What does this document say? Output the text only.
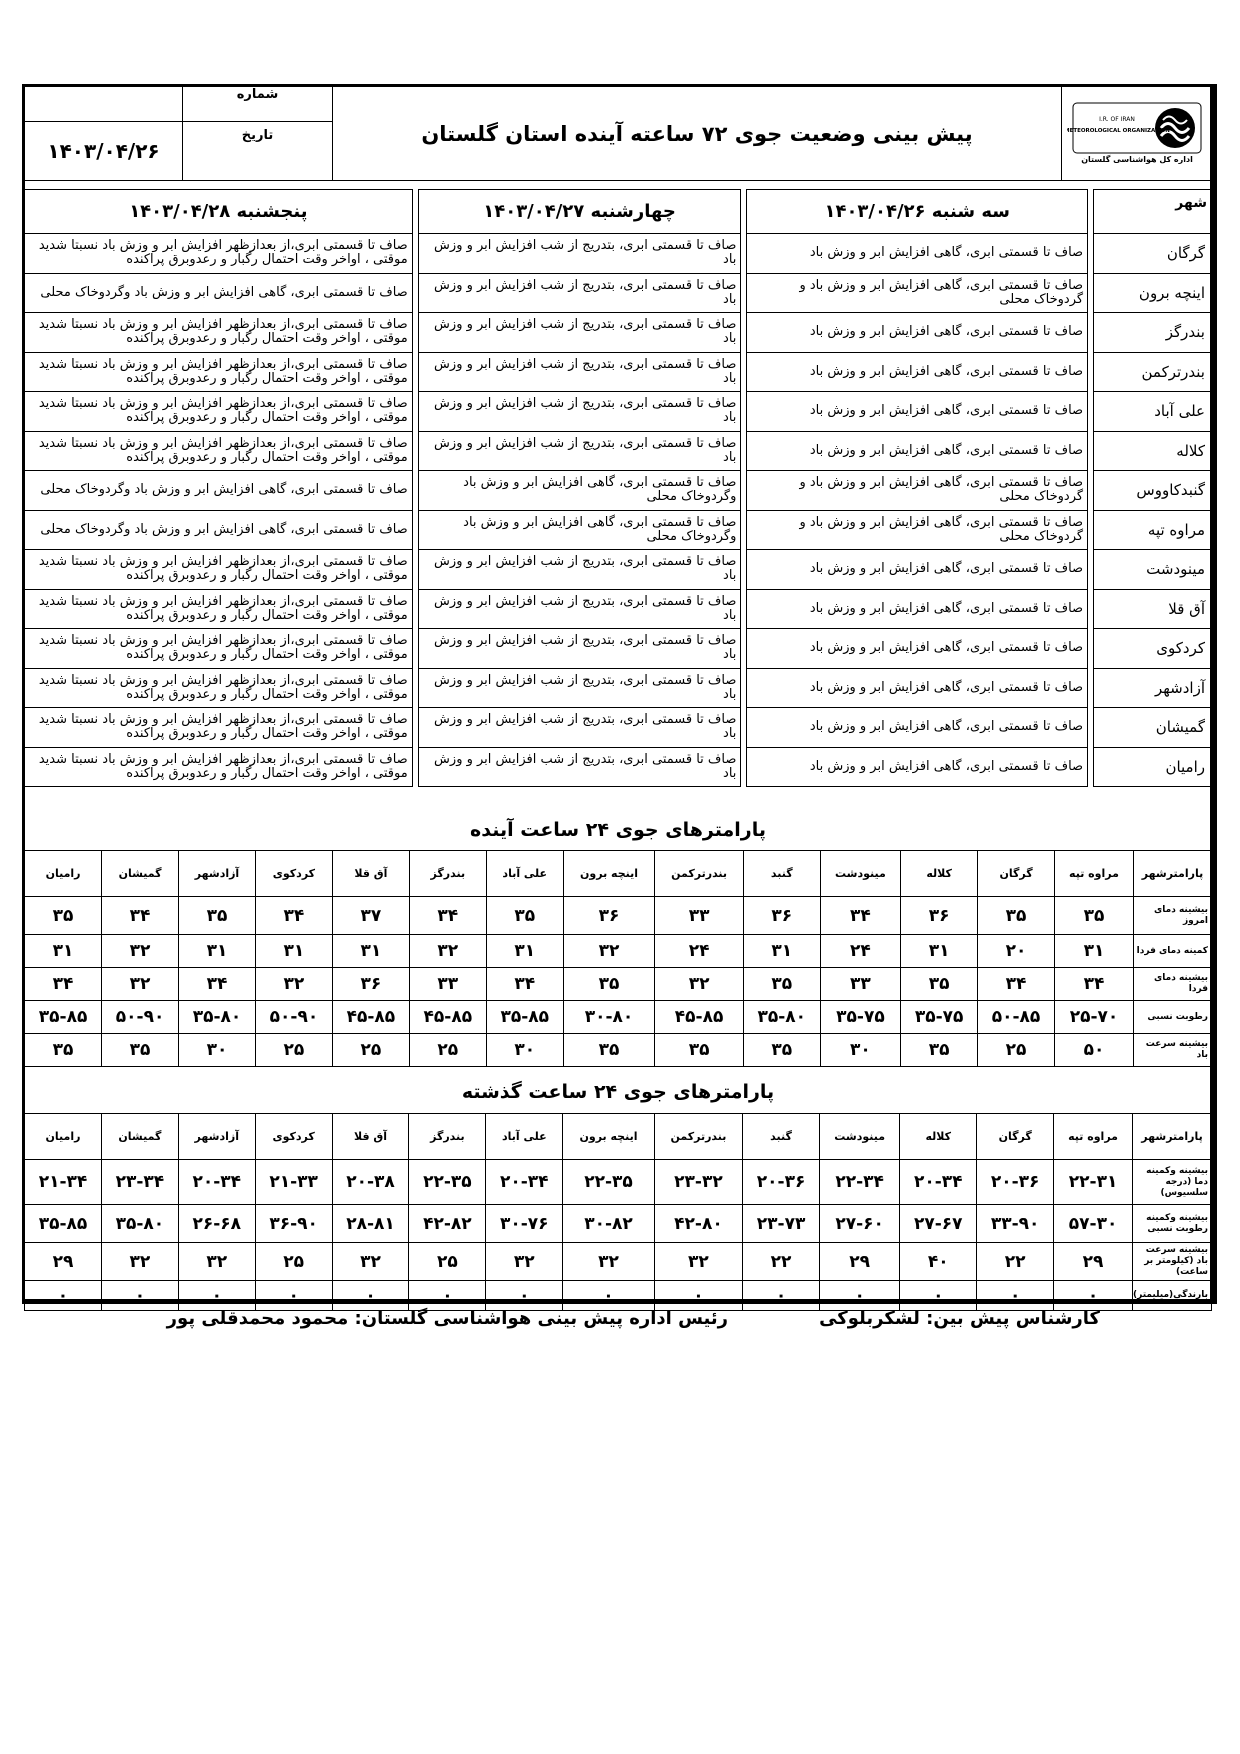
I.R. OF IRAN
METEOROLOGICAL ORGANIZATION
اداره کل هواشناسی گلستان	پیش بینی وضعیت جوی ۷۲ ساعته آینده استان گلستان	شماره	
		تاریخ	۱۴۰۳/۰۴/۲۶
شهر		سه شنبه ۱۴۰۳/۰۴/۲۶		چهارشنبه ۱۴۰۳/۰۴/۲۷		پنجشنبه ۱۴۰۳/۰۴/۲۸
گرگان		صاف تا قسمتی ابری، گاهی افزایش ابر و وزش باد		صاف تا قسمتی ابری، بتدریج از شب افزایش ابر و وزش باد		صاف تا قسمتی ابری،از بعدازظهر افزایش ابر و وزش باد نسبتا شدید موقتی ، اواخر وقت احتمال رگبار و رعدوبرق پراکنده
اینچه برون		صاف تا قسمتی ابری، گاهی افزایش ابر و وزش باد و گردوخاک محلی		صاف تا قسمتی ابری، بتدریج از شب افزایش ابر و وزش باد		صاف تا قسمتی ابری، گاهی افزایش ابر و وزش باد وگردوخاک محلی
بندرگز		صاف تا قسمتی ابری، گاهی افزایش ابر و وزش باد		صاف تا قسمتی ابری، بتدریج از شب افزایش ابر و وزش باد		صاف تا قسمتی ابری،از بعدازظهر افزایش ابر و وزش باد نسبتا شدید موقتی ، اواخر وقت احتمال رگبار و رعدوبرق پراکنده
بندرترکمن		صاف تا قسمتی ابری، گاهی افزایش ابر و وزش باد		صاف تا قسمتی ابری، بتدریج از شب افزایش ابر و وزش باد		صاف تا قسمتی ابری،از بعدازظهر افزایش ابر و وزش باد نسبتا شدید موقتی ، اواخر وقت احتمال رگبار و رعدوبرق پراکنده
علی آباد		صاف تا قسمتی ابری، گاهی افزایش ابر و وزش باد		صاف تا قسمتی ابری، بتدریج از شب افزایش ابر و وزش باد		صاف تا قسمتی ابری،از بعدازظهر افزایش ابر و وزش باد نسبتا شدید موقتی ، اواخر وقت احتمال رگبار و رعدوبرق پراکنده
کلاله		صاف تا قسمتی ابری، گاهی افزایش ابر و وزش باد		صاف تا قسمتی ابری، بتدریج از شب افزایش ابر و وزش باد		صاف تا قسمتی ابری،از بعدازظهر افزایش ابر و وزش باد نسبتا شدید موقتی ، اواخر وقت احتمال رگبار و رعدوبرق پراکنده
گنبدکاووس		صاف تا قسمتی ابری، گاهی افزایش ابر و وزش باد و گردوخاک محلی		صاف تا قسمتی ابری، گاهی افزایش ابر و وزش باد وگردوخاک محلی		صاف تا قسمتی ابری، گاهی افزایش ابر و وزش باد وگردوخاک محلی
مراوه تپه		صاف تا قسمتی ابری، گاهی افزایش ابر و وزش باد و گردوخاک محلی		صاف تا قسمتی ابری، گاهی افزایش ابر و وزش باد وگردوخاک محلی		صاف تا قسمتی ابری، گاهی افزایش ابر و وزش باد وگردوخاک محلی
مینودشت		صاف تا قسمتی ابری، گاهی افزایش ابر و وزش باد		صاف تا قسمتی ابری، بتدریج از شب افزایش ابر و وزش باد		صاف تا قسمتی ابری،از بعدازظهر افزایش ابر و وزش باد نسبتا شدید موقتی ، اواخر وقت احتمال رگبار و رعدوبرق پراکنده
آق قلا		صاف تا قسمتی ابری، گاهی افزایش ابر و وزش باد		صاف تا قسمتی ابری، بتدریج از شب افزایش ابر و وزش باد		صاف تا قسمتی ابری،از بعدازظهر افزایش ابر و وزش باد نسبتا شدید موقتی ، اواخر وقت احتمال رگبار و رعدوبرق پراکنده
کردکوی		صاف تا قسمتی ابری، گاهی افزایش ابر و وزش باد		صاف تا قسمتی ابری، بتدریج از شب افزایش ابر و وزش باد		صاف تا قسمتی ابری،از بعدازظهر افزایش ابر و وزش باد نسبتا شدید موقتی ، اواخر وقت احتمال رگبار و رعدوبرق پراکنده
آزادشهر		صاف تا قسمتی ابری، گاهی افزایش ابر و وزش باد		صاف تا قسمتی ابری، بتدریج از شب افزایش ابر و وزش باد		صاف تا قسمتی ابری،از بعدازظهر افزایش ابر و وزش باد نسبتا شدید موقتی ، اواخر وقت احتمال رگبار و رعدوبرق پراکنده
گمیشان		صاف تا قسمتی ابری، گاهی افزایش ابر و وزش باد		صاف تا قسمتی ابری، بتدریج از شب افزایش ابر و وزش باد		صاف تا قسمتی ابری،از بعدازظهر افزایش ابر و وزش باد نسبتا شدید موقتی ، اواخر وقت احتمال رگبار و رعدوبرق پراکنده
رامیان		صاف تا قسمتی ابری، گاهی افزایش ابر و وزش باد		صاف تا قسمتی ابری، بتدریج از شب افزایش ابر و وزش باد		صاف تا قسمتی ابری،از بعدازظهر افزایش ابر و وزش باد نسبتا شدید موقتی ، اواخر وقت احتمال رگبار و رعدوبرق پراکنده
پارامترهای جوی ۲۴ ساعت آینده
پارامترشهر	مراوه تپه	گرگان	کلاله	مینودشت	گنبد	بندرترکمن	اینچه برون	علی آباد	بندرگز	آق قلا	کردکوی	آزادشهر	گمیشان	رامیان
بیشینه دمای امروز	۳۵	۳۵	۳۶	۳۴	۳۶	۳۳	۳۶	۳۵	۳۴	۳۷	۳۴	۳۵	۳۴	۳۵
کمینه دمای فردا	۳۱	۲۰	۳۱	۲۴	۳۱	۲۴	۳۲	۳۱	۳۲	۳۱	۳۱	۳۱	۳۲	۳۱
بیشینه دمای فردا	۳۴	۳۴	۳۵	۳۳	۳۵	۳۲	۳۵	۳۴	۳۳	۳۶	۳۲	۳۴	۳۲	۳۴
رطوبت نسبی	۲۵-۷۰	۵۰-۸۵	۳۵-۷۵	۳۵-۷۵	۳۵-۸۰	۴۵-۸۵	۳۰-۸۰	۳۵-۸۵	۴۵-۸۵	۴۵-۸۵	۵۰-۹۰	۳۵-۸۰	۵۰-۹۰	۳۵-۸۵
بیشینه سرعت باد	۵۰	۲۵	۳۵	۳۰	۳۵	۳۵	۳۵	۳۰	۲۵	۲۵	۲۵	۳۰	۳۵	۳۵
پارامترهای جوی ۲۴ ساعت گذشته
پارامترشهر	مراوه تپه	گرگان	کلاله	مینودشت	گنبد	بندرترکمن	اینچه برون	علی آباد	بندرگز	آق قلا	کردکوی	آزادشهر	گمیشان	رامیان
بیشینه وکمینه دما (درجه سلسیوس)	۲۲-۳۱	۲۰-۳۶	۲۰-۳۴	۲۲-۳۴	۲۰-۳۶	۲۳-۳۲	۲۲-۳۵	۲۰-۳۴	۲۲-۳۵	۲۰-۳۸	۲۱-۳۳	۲۰-۳۴	۲۳-۳۴	۲۱-۳۴
بیشینه وکمینه رطوبت نسبی	۵۷-۳۰	۳۳-۹۰	۲۷-۶۷	۲۷-۶۰	۲۳-۷۳	۴۲-۸۰	۳۰-۸۲	۳۰-۷۶	۴۲-۸۲	۲۸-۸۱	۳۶-۹۰	۲۶-۶۸	۳۵-۸۰	۳۵-۸۵
بیشینه سرعت باد (کیلومتر بر ساعت)	۲۹	۲۲	۴۰	۲۹	۲۲	۳۲	۳۲	۳۲	۲۵	۳۲	۲۵	۳۲	۳۲	۲۹
بارندگی(میلیمتر)	۰	۰	۰	۰	۰	۰	۰	۰	۰	۰	۰	۰	۰	۰
کارشناس پیش بین: لشکربلوکی
رئیس اداره پیش بینی هواشناسی گلستان: محمود محمدقلی پور
